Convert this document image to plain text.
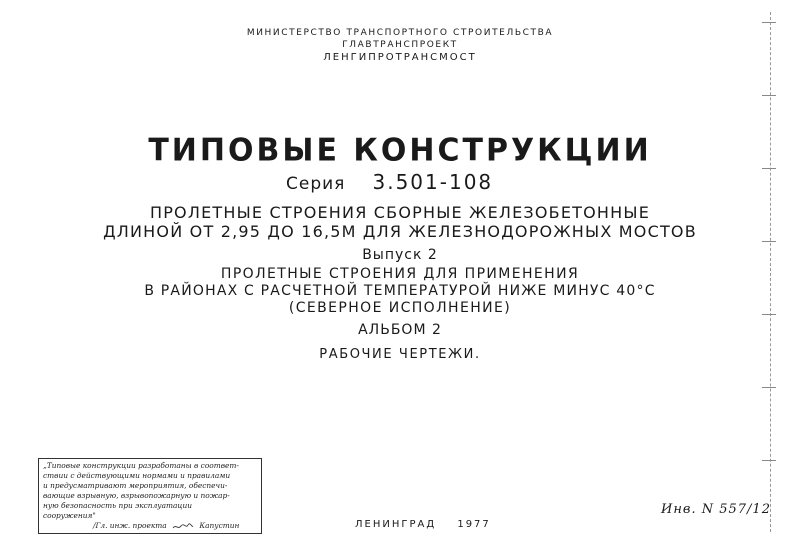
МИНИСТЕРСТВО ТРАНСПОРТНОГО СТРОИТЕЛЬСТВА
ГЛАВТРАНСПРОЕКТ
ЛЕНГИПРОТРАНСМОСТ
ТИПОВЫЕ КОНСТРУКЦИИ
Серия 3.501-108
ПРОЛЕТНЫЕ СТРОЕНИЯ СБОРНЫЕ ЖЕЛЕЗОБЕТОННЫЕ
ДЛИНОЙ ОТ 2,95 ДО 16,5М ДЛЯ ЖЕЛЕЗНОДОРОЖНЫХ МОСТОВ
Выпуск 2
ПРОЛЕТНЫЕ СТРОЕНИЯ ДЛЯ ПРИМЕНЕНИЯ
В РАЙОНАХ С РАСЧЕТНОЙ ТЕМПЕРАТУРОЙ НИЖЕ МИНУС 40°С
(СЕВЕРНОЕ ИСПОЛНЕНИЕ)
АЛЬБОМ 2
РАБОЧИЕ ЧЕРТЕЖИ.
„Типовые конструкции разработаны в соответ-
ствии с действующими нормами и правилами
и предусматривают мероприятия, обеспечи-
вающие взрывную, взрывопожарную и пожар-
ную безопасность при эксплуатации
сооружения"
/Гл. инж. проекта	Капустин	ЛЕНИНГРАД 1977
Инв. N 557/12
